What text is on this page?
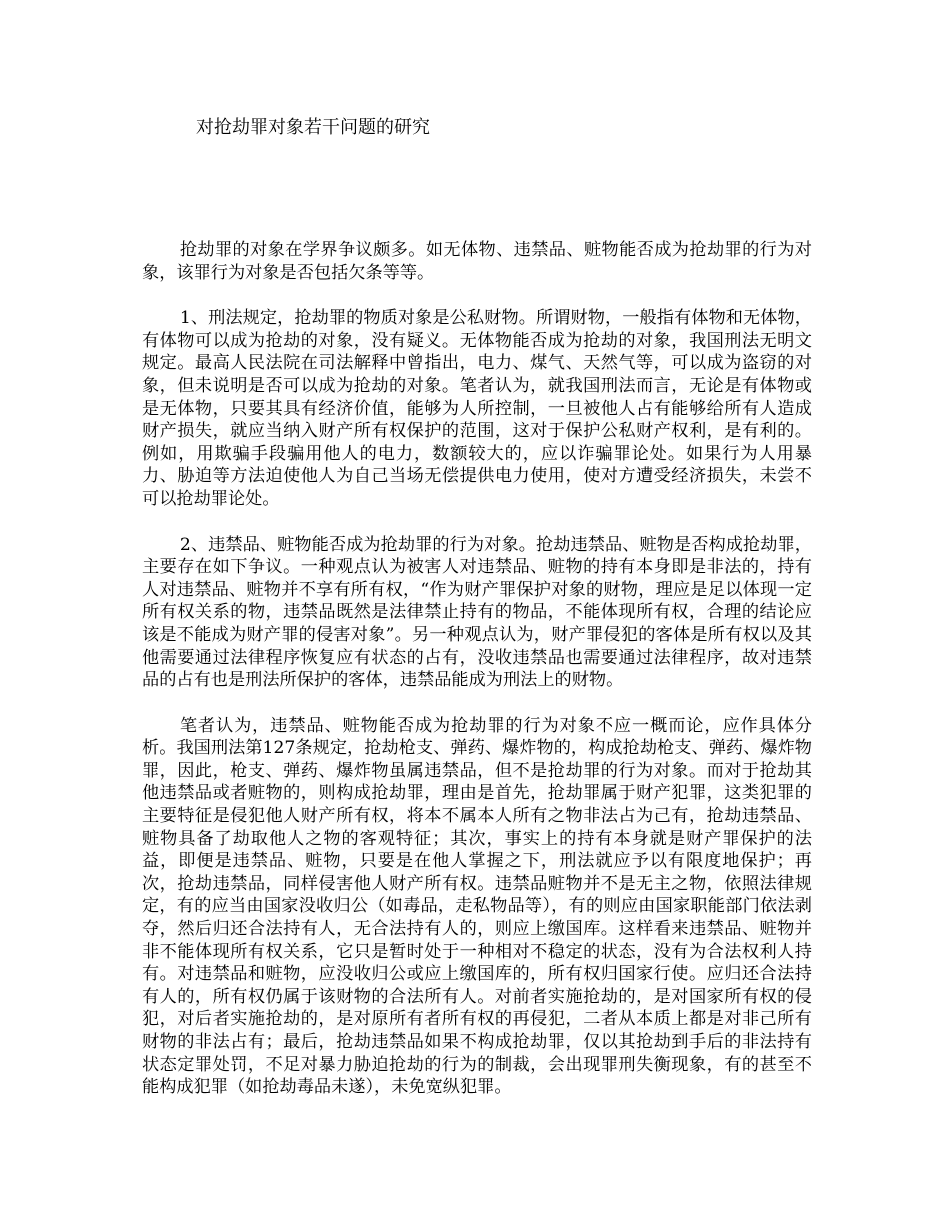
对抢劫罪对象若干问题的研究

抢劫罪的对象在学界争议颇多。如无体物、违禁品、赃物能否成为抢劫罪的行为对象，该罪行为对象是否包括欠条等等。

1、刑法规定，抢劫罪的物质对象是公私财物。所谓财物，一般指有体物和无体物，有体物可以成为抢劫的对象，没有疑义。无体物能否成为抢劫的对象，我国刑法无明文规定。最高人民法院在司法解释中曾指出，电力、煤气、天然气等，可以成为盗窃的对象，但未说明是否可以成为抢劫的对象。笔者认为，就我国刑法而言，无论是有体物或是无体物，只要其具有经济价值，能够为人所控制，一旦被他人占有能够给所有人造成财产损失，就应当纳入财产所有权保护的范围，这对于保护公私财产权利，是有利的。例如，用欺骗手段骗用他人的电力，数额较大的，应以诈骗罪论处。如果行为人用暴力、胁迫等方法迫使他人为自己当场无偿提供电力使用，使对方遭受经济损失，未尝不可以抢劫罪论处。

2、违禁品、赃物能否成为抢劫罪的行为对象。抢劫违禁品、赃物是否构成抢劫罪，主要存在如下争议。一种观点认为被害人对违禁品、赃物的持有本身即是非法的，持有人对违禁品、赃物并不享有所有权，“作为财产罪保护对象的财物，理应是足以体现一定所有权关系的物，违禁品既然是法律禁止持有的物品，不能体现所有权，合理的结论应该是不能成为财产罪的侵害对象”。另一种观点认为，财产罪侵犯的客体是所有权以及其他需要通过法律程序恢复应有状态的占有，没收违禁品也需要通过法律程序，故对违禁品的占有也是刑法所保护的客体，违禁品能成为刑法上的财物。

笔者认为，违禁品、赃物能否成为抢劫罪的行为对象不应一概而论，应作具体分析。我国刑法第127条规定，抢劫枪支、弹药、爆炸物的，构成抢劫枪支、弹药、爆炸物罪，因此，枪支、弹药、爆炸物虽属违禁品，但不是抢劫罪的行为对象。而对于抢劫其他违禁品或者赃物的，则构成抢劫罪，理由是首先，抢劫罪属于财产犯罪，这类犯罪的主要特征是侵犯他人财产所有权，将本不属本人所有之物非法占为己有，抢劫违禁品、赃物具备了劫取他人之物的客观特征；其次，事实上的持有本身就是财产罪保护的法益，即便是违禁品、赃物，只要是在他人掌握之下，刑法就应予以有限度地保护；再次，抢劫违禁品，同样侵害他人财产所有权。违禁品赃物并不是无主之物，依照法律规定，有的应当由国家没收归公（如毒品，走私物品等），有的则应由国家职能部门依法剥夺，然后归还合法持有人，无合法持有人的，则应上缴国库。这样看来违禁品、赃物并非不能体现所有权关系，它只是暂时处于一种相对不稳定的状态，没有为合法权利人持有。对违禁品和赃物，应没收归公或应上缴国库的，所有权归国家行使。应归还合法持有人的，所有权仍属于该财物的合法所有人。对前者实施抢劫的，是对国家所有权的侵犯，对后者实施抢劫的，是对原所有者所有权的再侵犯，二者从本质上都是对非己所有财物的非法占有；最后，抢劫违禁品如果不构成抢劫罪，仅以其抢劫到手后的非法持有状态定罪处罚，不足对暴力胁迫抢劫的行为的制裁，会出现罪刑失衡现象，有的甚至不能构成犯罪（如抢劫毒品未遂），未免宽纵犯罪。
